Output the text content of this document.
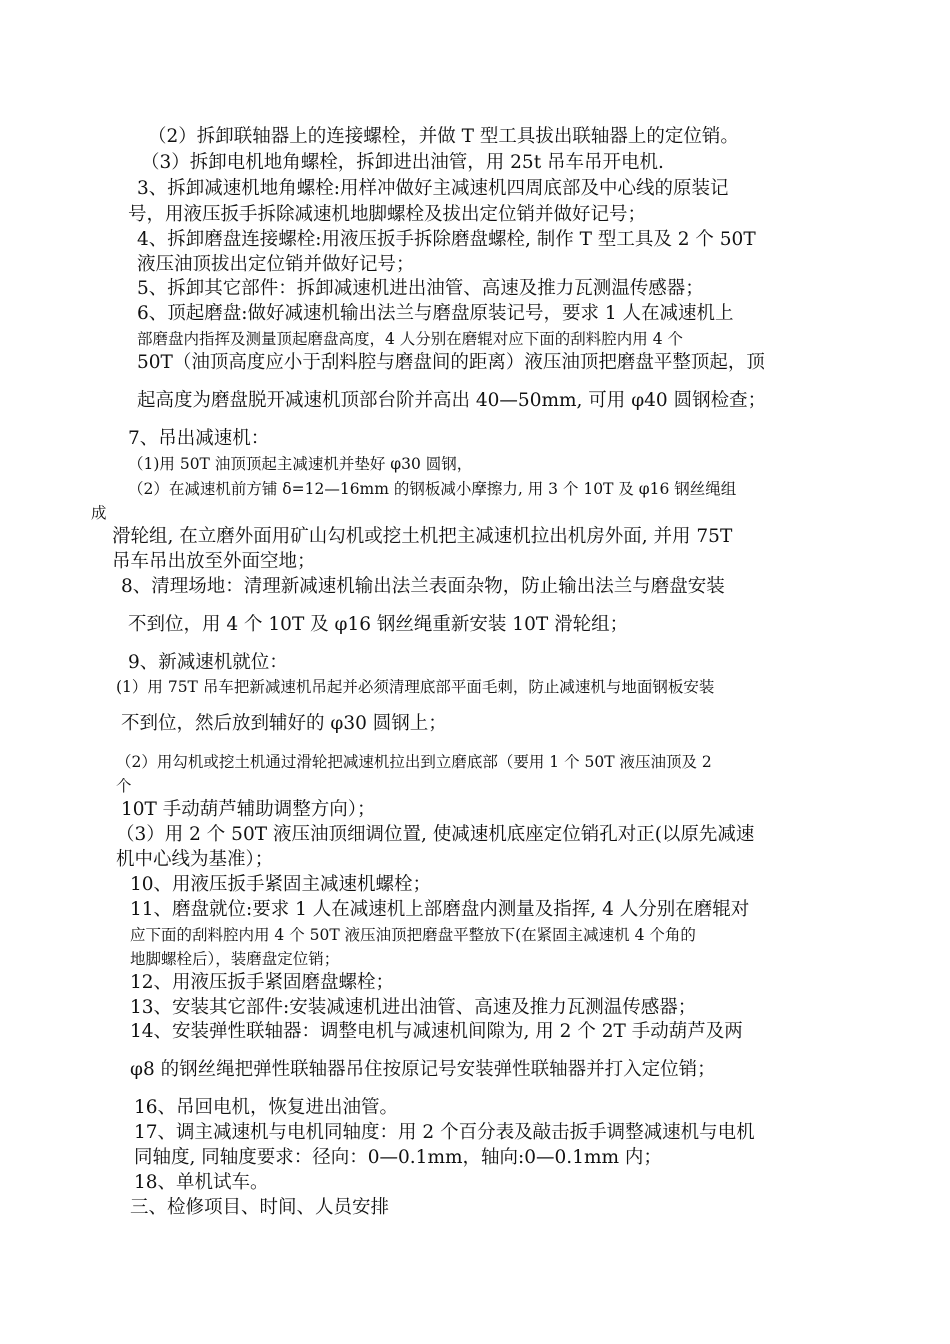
（2）拆卸联轴器上的连接螺栓，并做 T 型工具拔出联轴器上的定位销。

（3）拆卸电机地角螺栓，拆卸进出油管，用 25t 吊车吊开电机.

3、拆卸减速机地角螺栓:用样冲做好主减速机四周底部及中心线的原装记

号，用液压扳手拆除减速机地脚螺栓及拔出定位销并做好记号；

4、拆卸磨盘连接螺栓:用液压扳手拆除磨盘螺栓, 制作 T 型工具及 2 个 50T

液压油顶拔出定位销并做好记号；

5、拆卸其它部件：拆卸减速机进出油管、高速及推力瓦测温传感器；

6、顶起磨盘:做好减速机输出法兰与磨盘原装记号，要求 1 人在减速机上

部磨盘内指挥及测量顶起磨盘高度，4 人分别在磨辊对应下面的刮料腔内用 4 个

50T（油顶高度应小于刮料腔与磨盘间的距离）液压油顶把磨盘平整顶起，顶

起高度为磨盘脱开减速机顶部台阶并高出 40—50mm, 可用 φ40 圆钢检查；

7、吊出减速机：

（1)用 50T 油顶顶起主减速机并垫好 φ30 圆钢，

（2）在减速机前方铺 δ=12—16mm 的钢板减小摩擦力, 用 3 个 10T 及 φ16 钢丝绳组

成

滑轮组, 在立磨外面用矿山勾机或挖土机把主减速机拉出机房外面, 并用 75T

吊车吊出放至外面空地；

8、清理场地：清理新减速机输出法兰表面杂物，防止输出法兰与磨盘安装

不到位，用 4 个 10T 及 φ16 钢丝绳重新安装 10T 滑轮组；

9、新减速机就位：

(1）用 75T 吊车把新减速机吊起并必须清理底部平面毛刺，防止减速机与地面钢板安装

不到位，然后放到辅好的 φ30 圆钢上；

（2）用勾机或挖土机通过滑轮把减速机拉出到立磨底部（要用 1 个 50T 液压油顶及 2

个

10T 手动葫芦辅助调整方向）；

（3）用 2 个 50T 液压油顶细调位置, 使减速机底座定位销孔对正(以原先减速

机中心线为基准）；

10、用液压扳手紧固主减速机螺栓；

11、磨盘就位:要求 1 人在减速机上部磨盘内测量及指挥, 4 人分别在磨辊对

应下面的刮料腔内用 4 个 50T 液压油顶把磨盘平整放下(在紧固主减速机 4 个角的

地脚螺栓后），装磨盘定位销；

12、用液压扳手紧固磨盘螺栓；

13、安装其它部件:安装减速机进出油管、高速及推力瓦测温传感器；

14、安装弹性联轴器：调整电机与减速机间隙为, 用 2 个 2T 手动葫芦及两

φ8 的钢丝绳把弹性联轴器吊住按原记号安装弹性联轴器并打入定位销；

16、吊回电机，恢复进出油管。

17、调主减速机与电机同轴度：用 2 个百分表及敲击扳手调整减速机与电机

同轴度, 同轴度要求：径向：0—0.1mm，轴向:0—0.1mm 内；

18、单机试车。

三、检修项目、时间、人员安排
